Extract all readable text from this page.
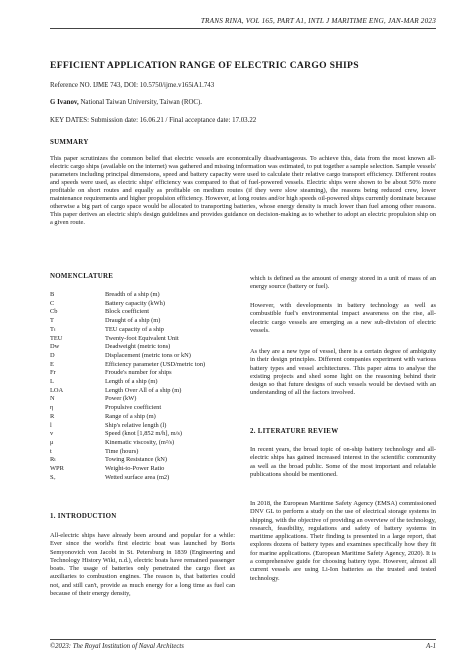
TRANS RINA, VOL 165, PART A1, INTL J MARITIME ENG, JAN-MAR 2023
EFFICIENT APPLICATION RANGE OF ELECTRIC CARGO SHIPS
Reference NO. IJME 743, DOI: 10.5750/ijme.v165iA1.743
G Ivanov, National Taiwan University, Taiwan (ROC).
KEY DATES: Submission date: 16.06.21 / Final acceptance date: 17.03.22
SUMMARY
This paper scrutinizes the common belief that electric vessels are economically disadvantageous. To achieve this, data from the most known all-electric cargo ships (available on the internet) was gathered and missing information was estimated, to put together a sample selection. Sample vessels' parameters including principal dimensions, speed and battery capacity were used to calculate their relative cargo transport efficiency. Different routes and speeds were used, as electric ships' efficiency was compared to that of fuel-powered vessels. Electric ships were shown to be about 50% more profitable on short routes and equally as profitable on medium routes (if they were slow steaming), the reasons being reduced crew, lower maintenance requirements and higher propulsion efficiency. However, at long routes and/or high speeds oil-powered ships currently dominate because otherwise a big part of cargo space would be allocated to transporting batteries, whose energy density is much lower than fuel among other reasons. This paper derives an electric ship's design guidelines and provides guidance on decision-making as to whether to adopt an electric propulsion ship on a given route.
NOMENCLATURE
B	Breadth of a ship (m)
C	Battery capacity (kWh)
Cb	Block coefficient
T	Draught of a ship (m)
Tₜ	TEU capacity of a ship
TEU	Twenty-foot Equivalent Unit
Dw	Deadweight (metric tons)
D	Displacement (metric tons or kN)
E	Efficiency parameter (USD/metric ton)
Fr	Froude's number for ships
L	Length of a ship (m)
LOA	Length Over All of a ship (m)
N	Power (kW)
η	Propulsive coefficient
R	Range of a ship (m)
l	Ship's relative length (l)
v	Speed (knot [1,852 m/h], m/s)
μ	Kinematic viscosity, (m²/s)
t	Time (hours)
Rₜ	Towing Resistance (kN)
WPR	Weight-to-Power Ratio
Sᵥ	Wetted surface area (m2)
1. INTRODUCTION
All-electric ships have already been around and popular for a while: Ever since the world's first electric boat was launched by Boris Semyonovich von Jacobi in St. Petersburg in 1839 (Engineering and Technology History Wiki, n.d.), electric boats have remained passenger boats. The usage of batteries only penetrated the cargo fleet as auxiliaries to combustion engines. The reason is, that batteries could not, and still can't, provide as much energy for a long time as fuel can because of their energy density,
which is defined as the amount of energy stored in a unit of mass of an energy source (battery or fuel).
However, with developments in battery technology as well as combustible fuel's environmental impact awareness on the rise, all-electric cargo vessels are emerging as a new sub-division of electric vessels.
As they are a new type of vessel, there is a certain degree of ambiguity in their design principles. Different companies experiment with various battery types and vessel architectures. This paper aims to analyse the existing projects and shed some light on the reasoning behind their design so that future designs of such vessels would be devised with an understanding of all the factors involved.
2. LITERATURE REVIEW
In recent years, the broad topic of on-ship battery technology and all-electric ships has gained increased interest in the scientific community as well as the broad public. Some of the most important and relatable publications should be mentioned.
In 2018, the European Maritime Safety Agency (EMSA) commissioned DNV GL to perform a study on the use of electrical storage systems in shipping, with the objective of providing an overview of the technology, research, feasibility, regulations and safety of battery systems in maritime applications. Their finding is presented in a large report, that explores dozens of battery types and examines specifically how they fit for marine applications. (European Maritime Safety Agency, 2020). It is a comprehensive guide for choosing battery type. However, almost all current vessels are using Li-Ion batteries as the trusted and tested technology.
©2023: The Royal Institution of Naval Architects	A-1
